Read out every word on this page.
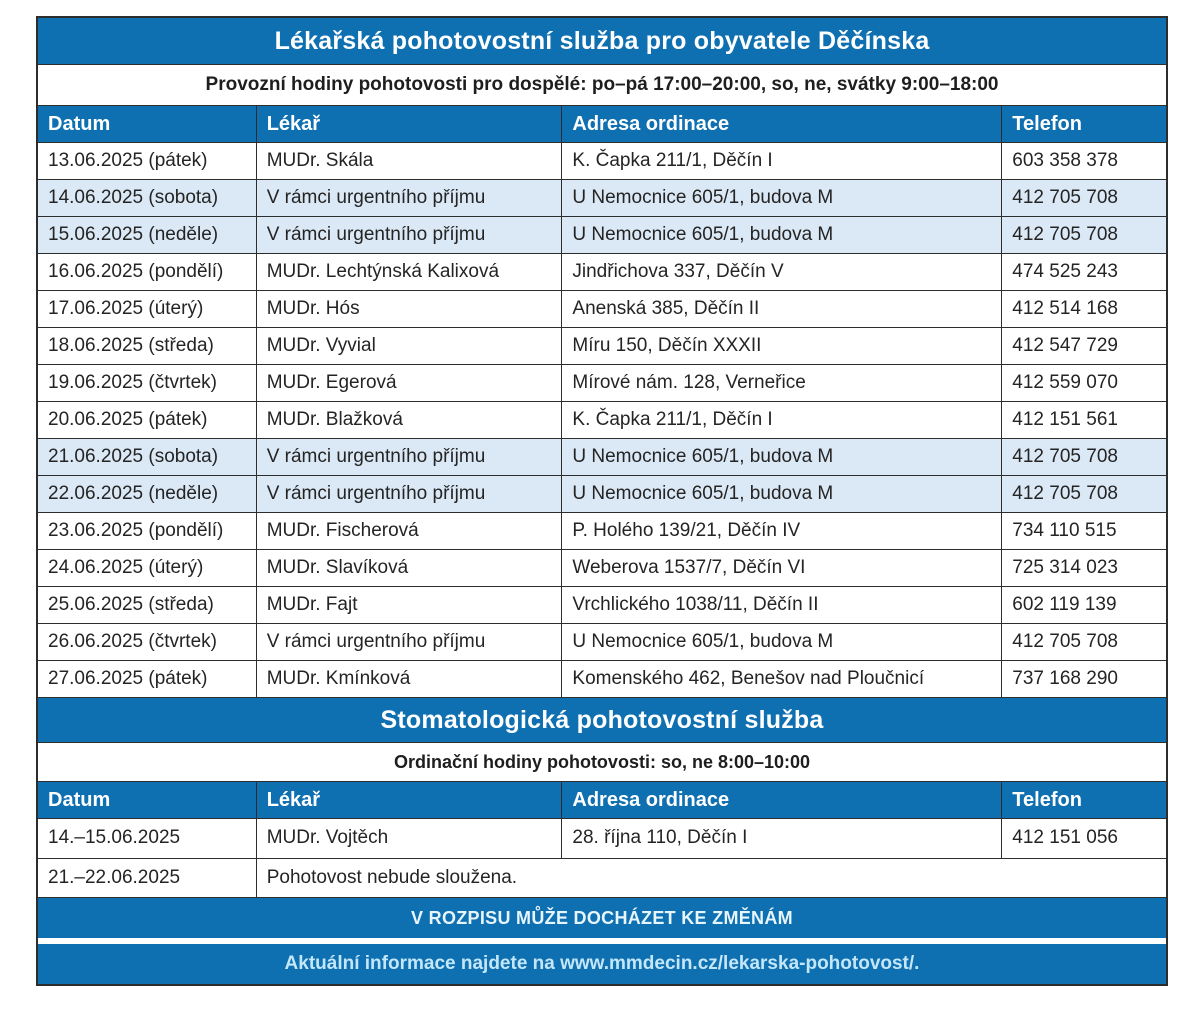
Lékařská pohotovostní služba pro obyvatele Děčínska
Provozní hodiny pohotovosti pro dospělé: po–pá 17:00–20:00, so, ne, svátky 9:00–18:00
Datum	Lékař	Adresa ordinace	Telefon
13.06.2025 (pátek)	MUDr. Skála	K. Čapka 211/1, Děčín I	603 358 378
14.06.2025 (sobota)	V rámci urgentního příjmu	U Nemocnice 605/1, budova M	412 705 708
15.06.2025 (neděle)	V rámci urgentního příjmu	U Nemocnice 605/1, budova M	412 705 708
16.06.2025 (pondělí)	MUDr. Lechtýnská Kalixová	Jindřichova 337, Děčín V	474 525 243
17.06.2025 (úterý)	MUDr. Hós	Anenská 385, Děčín II	412 514 168
18.06.2025 (středa)	MUDr. Vyvial	Míru 150, Děčín XXXII	412 547 729
19.06.2025 (čtvrtek)	MUDr. Egerová	Mírové nám. 128, Verneřice	412 559 070
20.06.2025 (pátek)	MUDr. Blažková	K. Čapka 211/1, Děčín I	412 151 561
21.06.2025 (sobota)	V rámci urgentního příjmu	U Nemocnice 605/1, budova M	412 705 708
22.06.2025 (neděle)	V rámci urgentního příjmu	U Nemocnice 605/1, budova M	412 705 708
23.06.2025 (pondělí)	MUDr. Fischerová	P. Holého 139/21, Děčín IV	734 110 515
24.06.2025 (úterý)	MUDr. Slavíková	Weberova 1537/7, Děčín VI	725 314 023
25.06.2025 (středa)	MUDr. Fajt	Vrchlického 1038/11, Děčín II	602 119 139
26.06.2025 (čtvrtek)	V rámci urgentního příjmu	U Nemocnice 605/1, budova M	412 705 708
27.06.2025 (pátek)	MUDr. Kmínková	Komenského 462, Benešov nad Ploučnicí	737 168 290
Stomatologická pohotovostní služba
Ordinační hodiny pohotovosti: so, ne 8:00–10:00
Datum	Lékař	Adresa ordinace	Telefon
14.–15.06.2025	MUDr. Vojtěch	28. října 110, Děčín I	412 151 056
21.–22.06.2025	Pohotovost nebude sloužena.
V ROZPISU MŮŽE DOCHÁZET KE ZMĚNÁM
Aktuální informace najdete na www.mmdecin.cz/lekarska-pohotovost/.
